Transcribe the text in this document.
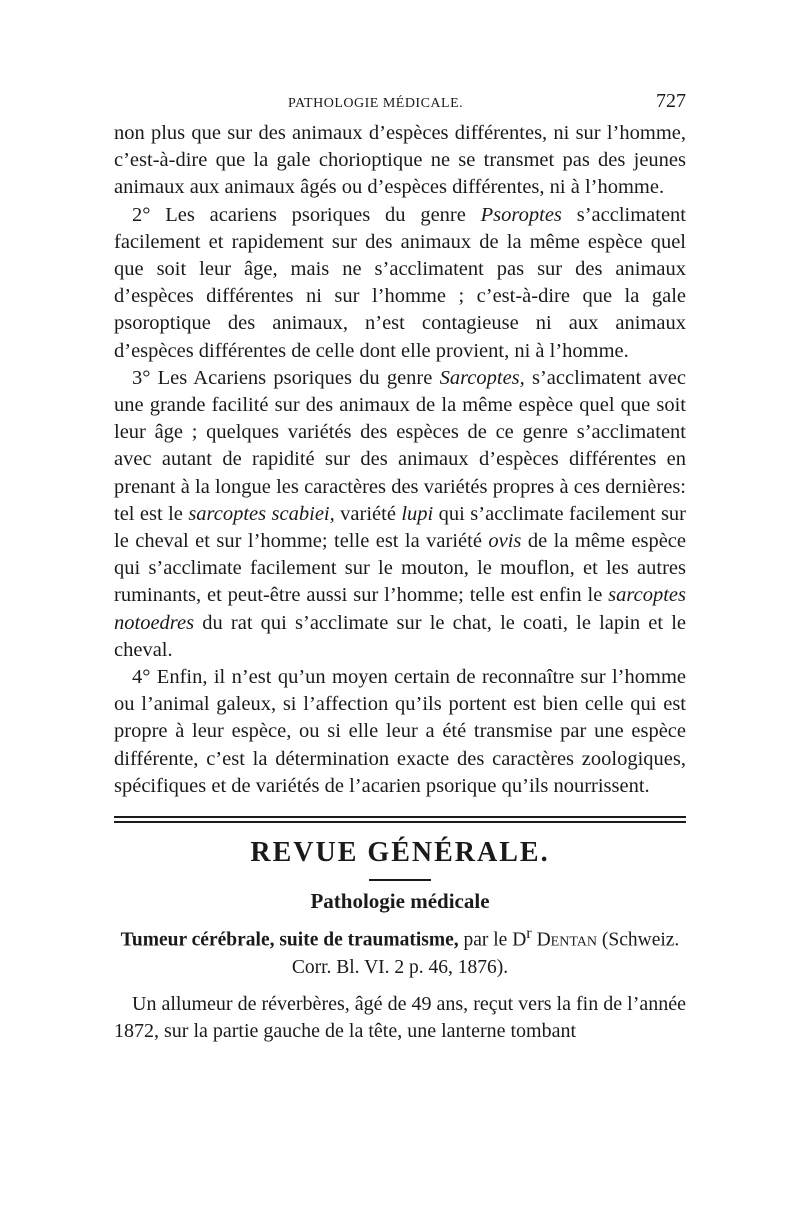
PATHOLOGIE MÉDICALE.	727

non plus que sur des animaux d’espèces différentes, ni sur l’homme, c’est-à-dire que la gale chorioptique ne se transmet pas des jeunes animaux aux animaux âgés ou d’espèces différentes, ni à l’homme.

2° Les acariens psoriques du genre Psoroptes s’acclimatent facilement et rapidement sur des animaux de la même espèce quel que soit leur âge, mais ne s’acclimatent pas sur des animaux d’espèces différentes ni sur l’homme ; c’est-à-dire que la gale psoroptique des animaux, n’est contagieuse ni aux animaux d’espèces différentes de celle dont elle provient, ni à l’homme.

3° Les Acariens psoriques du genre Sarcoptes, s’acclimatent avec une grande facilité sur des animaux de la même espèce quel que soit leur âge ; quelques variétés des espèces de ce genre s’acclimatent avec autant de rapidité sur des animaux d’espèces différentes en prenant à la longue les caractères des variétés propres à ces dernières: tel est le sarcoptes scabiei, variété lupi qui s’acclimate facilement sur le cheval et sur l’homme; telle est la variété ovis de la même espèce qui s’acclimate facilement sur le mouton, le mouflon, et les autres ruminants, et peut-être aussi sur l’homme; telle est enfin le sarcoptes notoedres du rat qui s’acclimate sur le chat, le coati, le lapin et le cheval.

4° Enfin, il n’est qu’un moyen certain de reconnaître sur l’homme ou l’animal galeux, si l’affection qu’ils portent est bien celle qui est propre à leur espèce, ou si elle leur a été transmise par une espèce différente, c’est la détermination exacte des caractères zoologiques, spécifiques et de variétés de l’acarien psorique qu’ils nourrissent.

REVUE GÉNÉRALE.
Pathologie médicale
Tumeur cérébrale, suite de traumatisme, par le $D^r$ Dentan (Schweiz.
Corr. Bl. VI. 2 p. 46, 1876).

Un allumeur de réverbères, âgé de 49 ans, reçut vers la fin de l’année 1872, sur la partie gauche de la tête, une lanterne tombant
